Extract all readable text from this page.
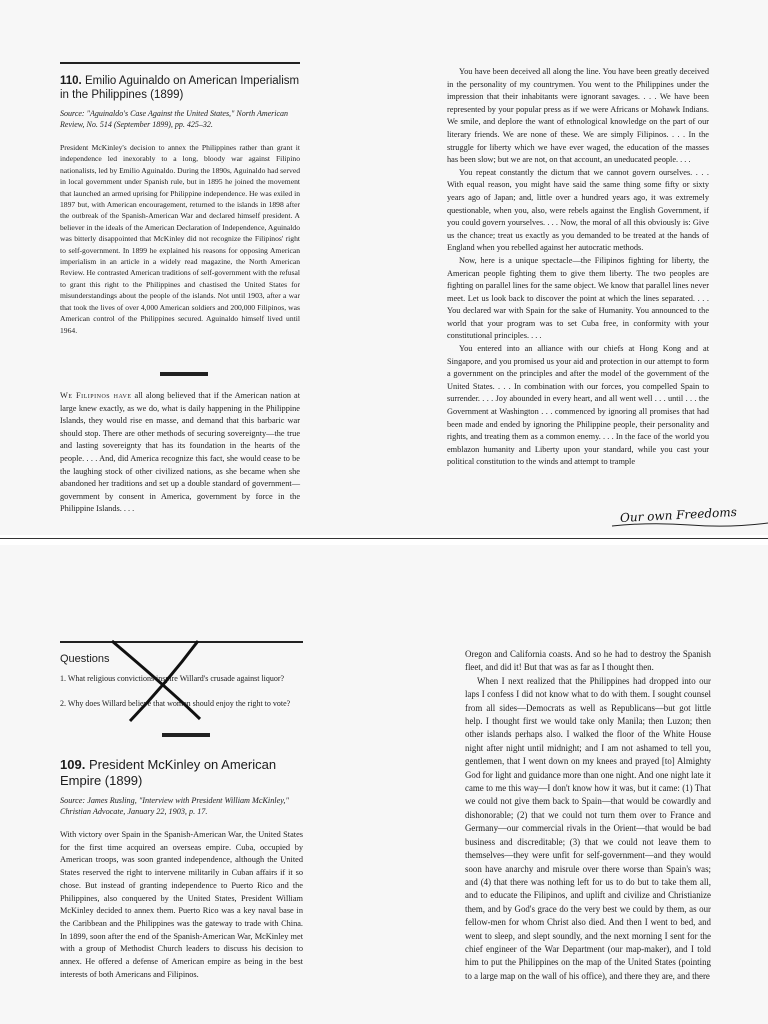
110. Emilio Aguinaldo on American Imperialism in the Philippines (1899)

Source: "Aguinaldo's Case Against the United States," North American Review, No. 514 (September 1899), pp. 425–32.

President McKinley's decision to annex the Philippines rather than grant it independence led inexorably to a long, bloody war against Filipino nationalists, led by Emilio Aguinaldo. During the 1890s, Aguinaldo had served in local government under Spanish rule, but in 1895 he joined the movement that launched an armed uprising for Philippine independence. He was exiled in 1897 but, with American encouragement, returned to the islands in 1898 after the outbreak of the Spanish-American War and declared himself president. A believer in the ideals of the American Declaration of Independence, Aguinaldo was bitterly disappointed that McKinley did not recognize the Filipinos' right to self-government. In 1899 he explained his reasons for opposing American imperialism in an article in a widely read magazine, the North American Review. He contrasted American traditions of self-government with the refusal to grant this right to the Philippines and chastised the United States for misunderstandings about the people of the islands. Not until 1903, after a war that took the lives of over 4,000 American soldiers and 200,000 Filipinos, was American control of the Philippines secured. Aguinaldo himself lived until 1964.

We Filipinos have all along believed that if the American nation at large knew exactly, as we do, what is daily happening in the Philippine Islands, they would rise en masse, and demand that this barbaric war should stop. There are other methods of securing sovereignty—the true and lasting sovereignty that has its foundation in the hearts of the people. . . . And, did America recognize this fact, she would cease to be the laughing stock of other civilized nations, as she became when she abandoned her traditions and set up a double standard of government—government by consent in America, government by force in the Philippine Islands. . . .

You have been deceived all along the line. You have been greatly deceived in the personality of my countrymen. You went to the Philippines under the impression that their inhabitants were ignorant savages. . . . We have been represented by your popular press as if we were Africans or Mohawk Indians. We smile, and deplore the want of ethnological knowledge on the part of our literary friends. We are none of these. We are simply Filipinos. . . . In the struggle for liberty which we have ever waged, the education of the masses has been slow; but we are not, on that account, an uneducated people. . . .

You repeat constantly the dictum that we cannot govern ourselves. . . . With equal reason, you might have said the same thing some fifty or sixty years ago of Japan; and, little over a hundred years ago, it was extremely questionable, when you, also, were rebels against the English Government, if you could govern yourselves. . . . Now, the moral of all this obviously is: Give us the chance; treat us exactly as you demanded to be treated at the hands of England when you rebelled against her autocratic methods.

Now, here is a unique spectacle—the Filipinos fighting for liberty, the American people fighting them to give them liberty. The two peoples are fighting on parallel lines for the same object. We know that parallel lines never meet. Let us look back to discover the point at which the lines separated. . . . You declared war with Spain for the sake of Humanity. You announced to the world that your program was to set Cuba free, in conformity with your constitutional principles. . . .

You entered into an alliance with our chiefs at Hong Kong and at Singapore, and you promised us your aid and protection in our attempt to form a government on the principles and after the model of the government of the United States. . . . In combination with our forces, you compelled Spain to surrender. . . . Joy abounded in every heart, and all went well . . . until . . . the Government at Washington . . . commenced by ignoring all promises that had been made and ended by ignoring the Philippine people, their personality and rights, and treating them as a common enemy. . . . In the face of the world you emblazon humanity and Liberty upon your standard, while you cast your political constitution to the winds and attempt to trample

Our own Freedoms

Questions

1. What religious convictions inspire Willard's crusade against liquor?

2. Why does Willard believe that women should enjoy the right to vote?

109. President McKinley on American Empire (1899)

Source: James Rusling, "Interview with President William McKinley," Christian Advocate, January 22, 1903, p. 17.

With victory over Spain in the Spanish-American War, the United States for the first time acquired an overseas empire. Cuba, occupied by American troops, was soon granted independence, although the United States reserved the right to intervene militarily in Cuban affairs if it so chose. But instead of granting independence to Puerto Rico and the Philippines, also conquered by the United States, President William McKinley decided to annex them. Puerto Rico was a key naval base in the Caribbean and the Philippines was the gateway to trade with China. In 1899, soon after the end of the Spanish-American War, McKinley met with a group of Methodist Church leaders to discuss his decision to annex. He offered a defense of American empire as being in the best interests of both Americans and Filipinos.

Oregon and California coasts. And so he had to destroy the Spanish fleet, and did it! But that was as far as I thought then.

When I next realized that the Philippines had dropped into our laps I confess I did not know what to do with them. I sought counsel from all sides—Democrats as well as Republicans—but got little help. I thought first we would take only Manila; then Luzon; then other islands perhaps also. I walked the floor of the White House night after night until midnight; and I am not ashamed to tell you, gentlemen, that I went down on my knees and prayed [to] Almighty God for light and guidance more than one night. And one night late it came to me this way—I don't know how it was, but it came: (1) That we could not give them back to Spain—that would be cowardly and dishonorable; (2) that we could not turn them over to France and Germany—our commercial rivals in the Orient—that would be bad business and discreditable; (3) that we could not leave them to themselves—they were unfit for self-government—and they would soon have anarchy and misrule over there worse than Spain's was; and (4) that there was nothing left for us to do but to take them all, and to educate the Filipinos, and uplift and civilize and Christianize them, and by God's grace do the very best we could by them, as our fellow-men for whom Christ also died. And then I went to bed, and went to sleep, and slept soundly, and the next morning I sent for the chief engineer of the War Department (our map-maker), and I told him to put the Philippines on the map of the United States (pointing to a large map on the wall of his office), and there they are, and there
